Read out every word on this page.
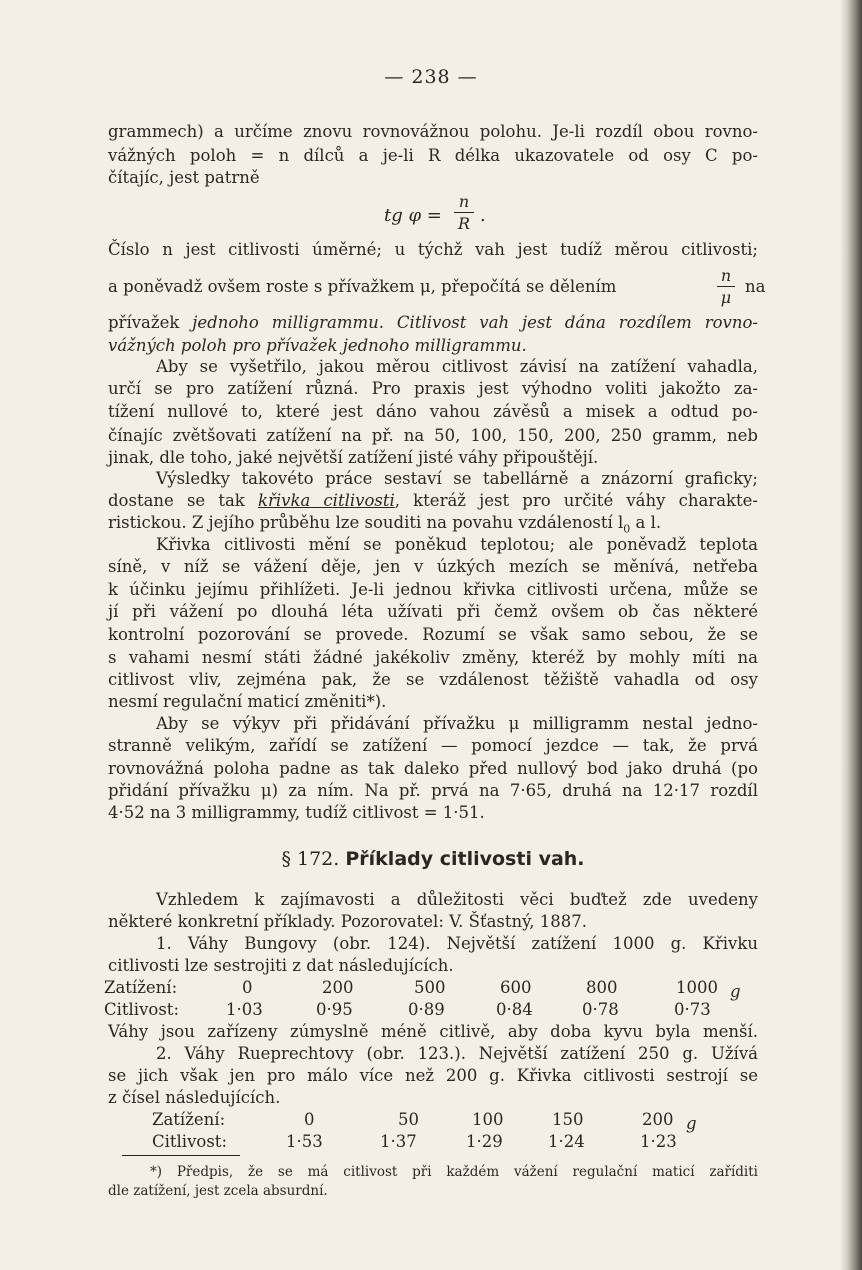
— 238 —
grammech) a určíme znovu rovnovážnou polohu. Je-li rozdíl obou rovno-
vážných poloh = n dílců a je-li R délka ukazovatele od osy C po-
čítajíc, jest patrně
tg φ =
n
R .
Číslo n jest citlivosti úměrné; u týchž vah jest tudíž měrou citlivosti;
a poněvadž ovšem roste s přívažkem μ, přepočítá se dělením
n
μ
na
přívažek jednoho milligrammu. Citlivost vah jest dána rozdílem rovno-
vážných poloh pro přívažek jednoho milligrammu.
Aby se vyšetřilo, jakou měrou citlivost závisí na zatížení vahadla,
určí se pro zatížení různá. Pro praxis jest výhodno voliti jakožto za-
tížení nullové to, které jest dáno vahou závěsů a misek a odtud po-
čínajíc zvětšovati zatížení na př. na 50, 100, 150, 200, 250 gramm, neb
jinak, dle toho, jaké největší zatížení jisté váhy připouštějí.
Výsledky takovéto práce sestaví se tabellárně a znázorní graficky;
dostane se tak křivka citlivosti, kteráž jest pro určité váhy charakte-
ristickou. Z jejího průběhu lze souditi na povahu vzdáleností $l_0$ a l.
Křivka citlivosti mění se poněkud teplotou; ale poněvadž teplota
síně, v níž se vážení děje, jen v úzkých mezích se měnívá, netřeba
k účinku jejímu přihlížeti. Je-li jednou křivka citlivosti určena, může se
jí při vážení po dlouhá léta užívati při čemž ovšem ob čas některé
kontrolní pozorování se provede. Rozumí se však samo sebou, že se
s vahami nesmí státi žádné jakékoliv změny, kteréž by mohly míti na
citlivost vliv, zejména pak, že se vzdálenost těžiště vahadla od osy
nesmí regulační maticí změniti*).
Aby se výkyv při přidávání přívažku μ milligramm nestal jedno-
stranně velikým, zařídí se zatížení — pomocí jezdce — tak, že prvá
rovnovážná poloha padne as tak daleko před nullový bod jako druhá (po
přidání přívažku μ) za ním. Na př. prvá na 7·65, druhá na 12·17 rozdíl
4·52 na 3 milligrammy, tudíž citlivost = 1·51.
§ 172. Příklady citlivosti vah.
Vzhledem k zajímavosti a důležitosti věci buďtež zde uvedeny
některé konkretní příklady. Pozorovatel: V. Šťastný, 1887.
1. Váhy Bungovy (obr. 124). Největší zatížení 1000 g. Křivku
citlivosti lze sestrojiti z dat následujících.
Zatížení:	0	200	500	600	800	1000 g
Citlivost:	1·03	0·95	0·89	0·84	0·78	0·73
Váhy jsou zařízeny zúmyslně méně citlivě, aby doba kyvu byla menší.
2. Váhy Rueprechtovy (obr. 123.). Největší zatížení 250 g. Užívá
se jich však jen pro málo více než 200 g. Křivka citlivosti sestrojí se
z čísel následujících.
Zatížení:	0	50	100	150	200 g
Citlivost:	1·53	1·37	1·29	1·24	1·23
*) Předpis, že se má citlivost při každém vážení regulační maticí zaříditi
dle zatížení, jest zcela absurdní.
